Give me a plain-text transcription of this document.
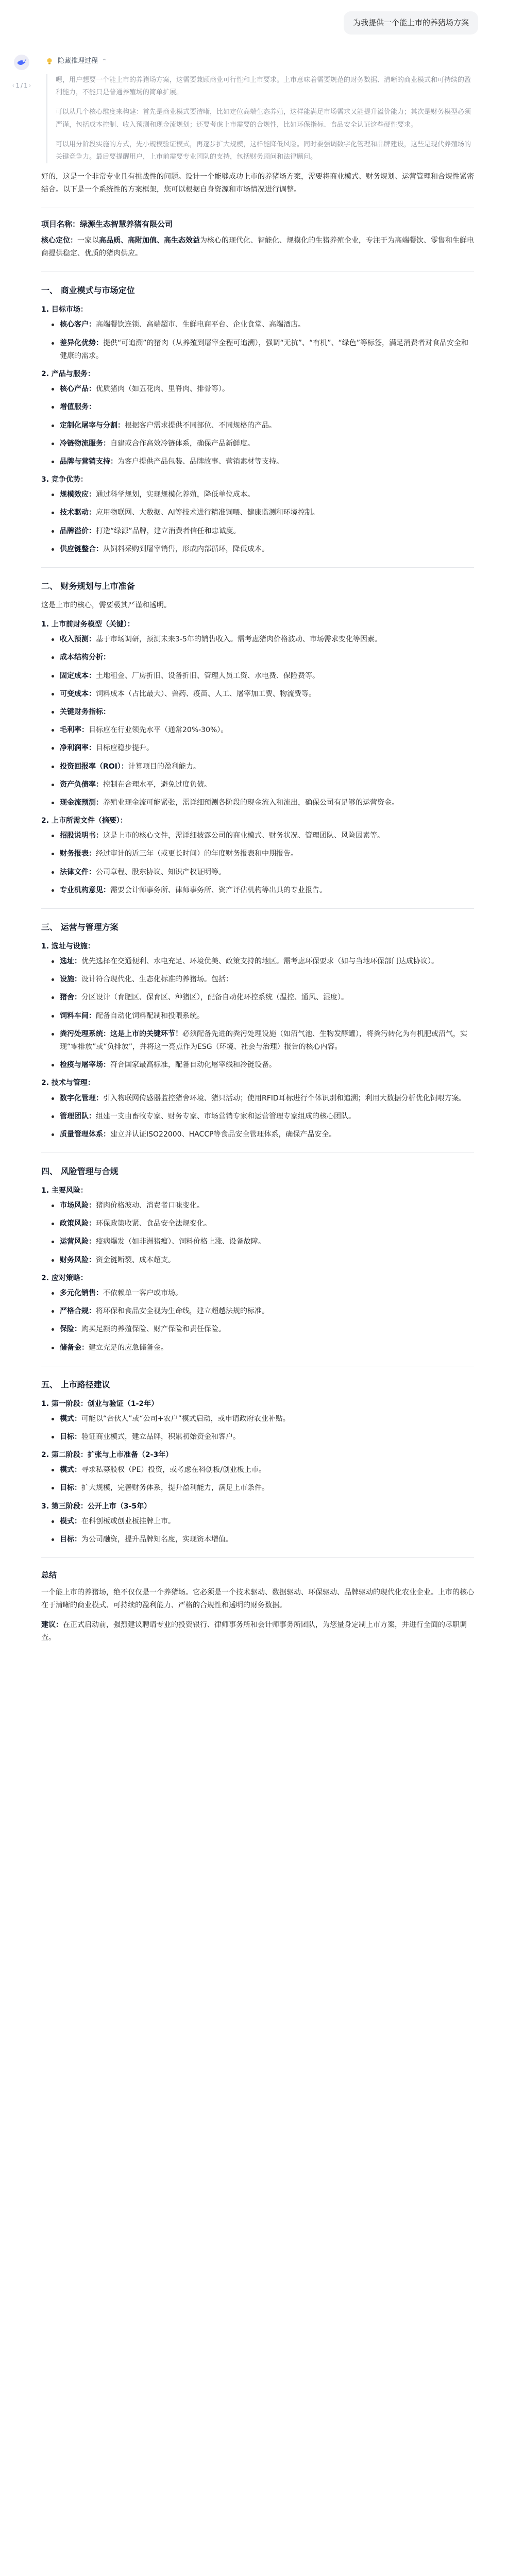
为我提供一个能上市的养猪场方案
‹ 1 / 1 ›
隐藏推理过程 ⌃

嗯，用户想要一个能上市的养猪场方案，这需要兼顾商业可行性和上市要求。上市意味着需要规范的财务数据、清晰的商业模式和可持续的盈利能力，不能只是普通养殖场的简单扩展。

可以从几个核心维度来构建：首先是商业模式要清晰，比如定位高端生态养殖，这样能满足市场需求又能提升溢价能力；其次是财务模型必须严谨，包括成本控制、收入预测和现金流规划；还要考虑上市需要的合规性，比如环保指标、食品安全认证这些硬性要求。

可以用分阶段实施的方式，先小规模验证模式，再逐步扩大规模，这样能降低风险。同时要强调数字化管理和品牌建设，这些是现代养殖场的关键竞争力。最后要提醒用户，上市前需要专业团队的支持，包括财务顾问和法律顾问。

好的，这是一个非常专业且有挑战性的问题。设计一个能够成功上市的养猪场方案，需要将商业模式、财务规划、运营管理和合规性紧密结合。以下是一个系统性的方案框架，您可以根据自身资源和市场情况进行调整。

项目名称：绿源生态智慧养猪有限公司

核心定位：一家以高品质、高附加值、高生态效益为核心的现代化、智能化、规模化的生猪养殖企业，专注于为高端餐饮、零售和生鲜电商提供稳定、优质的猪肉供应。

一、 商业模式与市场定位
1. 目标市场：
核心客户：高端餐饮连锁、高端超市、生鲜电商平台、企业食堂、高端酒店。
差异化优势：提供“可追溯”的猪肉（从养殖到屠宰全程可追溯），强调“无抗”、“有机”、“绿色”等标签，满足消费者对食品安全和健康的需求。
2. 产品与服务：
核心产品：优质猪肉（如五花肉、里脊肉、排骨等）。
增值服务：
定制化屠宰与分割：根据客户需求提供不同部位、不同规格的产品。
冷链物流服务：自建或合作高效冷链体系，确保产品新鲜度。
品牌与营销支持：为客户提供产品包装、品牌故事、营销素材等支持。
3. 竞争优势：
规模效应：通过科学规划，实现规模化养殖，降低单位成本。
技术驱动：应用物联网、大数据、AI等技术进行精准饲喂、健康监测和环境控制。
品牌溢价：打造“绿源”品牌，建立消费者信任和忠诚度。
供应链整合：从饲料采购到屠宰销售，形成内部循环，降低成本。
二、 财务规划与上市准备

这是上市的核心，需要极其严谨和透明。

1. 上市前财务模型（关键）：
收入预测：基于市场调研，预测未来3-5年的销售收入。需考虑猪肉价格波动、市场需求变化等因素。
成本结构分析：
固定成本：土地租金、厂房折旧、设备折旧、管理人员工资、水电费、保险费等。
可变成本：饲料成本（占比最大）、兽药、疫苗、人工、屠宰加工费、物流费等。
关键财务指标：
毛利率：目标应在行业领先水平（通常20%-30%）。
净利润率：目标应稳步提升。
投资回报率（ROI）：计算项目的盈利能力。
资产负债率：控制在合理水平，避免过度负债。
现金流预测：养殖业现金流可能紧张，需详细预测各阶段的现金流入和流出，确保公司有足够的运营资金。
2. 上市所需文件（摘要）：
招股说明书：这是上市的核心文件，需详细披露公司的商业模式、财务状况、管理团队、风险因素等。
财务报表：经过审计的近三年（或更长时间）的年度财务报表和中期报告。
法律文件：公司章程、股东协议、知识产权证明等。
专业机构意见：需要会计师事务所、律师事务所、资产评估机构等出具的专业报告。
三、 运营与管理方案
1. 选址与设施：
选址：优先选择在交通便利、水电充足、环境优美、政策支持的地区。需考虑环保要求（如与当地环保部门达成协议）。
设施：设计符合现代化、生态化标准的养猪场。包括：
猪舍：分区设计（育肥区、保育区、种猪区），配备自动化环控系统（温控、通风、湿度）。
饲料车间：配备自动化饲料配制和投喂系统。
粪污处理系统：这是上市的关键环节！必须配备先进的粪污处理设施（如沼气池、生物发酵罐），将粪污转化为有机肥或沼气，实现“零排放”或“负排放”，并将这一亮点作为ESG（环境、社会与治理）报告的核心内容。
检疫与屠宰场：符合国家最高标准，配备自动化屠宰线和冷链设备。
2. 技术与管理：
数字化管理：引入物联网传感器监控猪舍环境、猪只活动；使用RFID耳标进行个体识别和追溯；利用大数据分析优化饲喂方案。
管理团队：组建一支由畜牧专家、财务专家、市场营销专家和运营管理专家组成的核心团队。
质量管理体系：建立并认证ISO22000、HACCP等食品安全管理体系，确保产品安全。
四、 风险管理与合规
1. 主要风险：
市场风险：猪肉价格波动、消费者口味变化。
政策风险：环保政策收紧、食品安全法规变化。
运营风险：疫病爆发（如非洲猪瘟）、饲料价格上涨、设备故障。
财务风险：资金链断裂、成本超支。
2. 应对策略：
多元化销售：不依赖单一客户或市场。
严格合规：将环保和食品安全视为生命线，建立超越法规的标准。
保险：购买足额的养殖保险、财产保险和责任保险。
储备金：建立充足的应急储备金。
五、 上市路径建议
1. 第一阶段：创业与验证（1-2年）
模式：可能以“合伙人”或“公司+农户”模式启动，或申请政府农业补贴。
目标：验证商业模式，建立品牌，积累初始资金和客户。
2. 第二阶段：扩张与上市准备（2-3年）
模式：寻求私募股权（PE）投资，或考虑在科创板/创业板上市。
目标：扩大规模，完善财务体系，提升盈利能力，满足上市条件。
3. 第三阶段：公开上市（3-5年）
模式：在科创板或创业板挂牌上市。
目标：为公司融资，提升品牌知名度，实现资本增值。
总结

一个能上市的养猪场，绝不仅仅是一个养猪场。它必须是一个技术驱动、数据驱动、环保驱动、品牌驱动的现代化农业企业。上市的核心在于清晰的商业模式、可持续的盈利能力、严格的合规性和透明的财务数据。

建议：在正式启动前，强烈建议聘请专业的投资银行、律师事务所和会计师事务所团队，为您量身定制上市方案，并进行全面的尽职调查。
